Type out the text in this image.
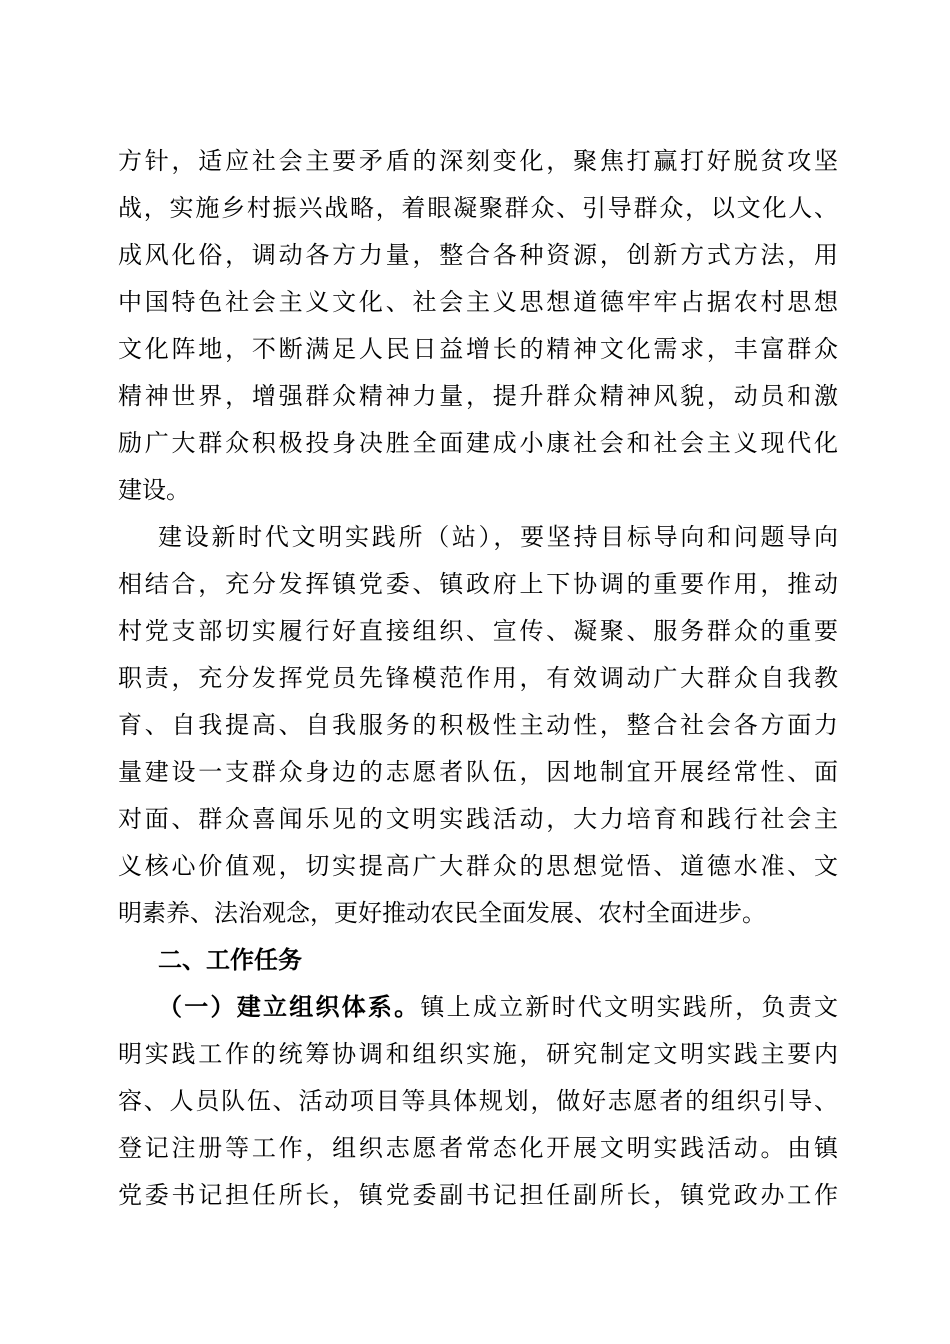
方针，适应社会主要矛盾的深刻变化，聚焦打赢打好脱贫攻坚
战，实施乡村振兴战略，着眼凝聚群众、引导群众，以文化人、
成风化俗，调动各方力量，整合各种资源，创新方式方法，用
中国特色社会主义文化、社会主义思想道德牢牢占据农村思想
文化阵地，不断满足人民日益增长的精神文化需求，丰富群众
精神世界，增强群众精神力量，提升群众精神风貌，动员和激
励广大群众积极投身决胜全面建成小康社会和社会主义现代化
建设。
建设新时代文明实践所（站），要坚持目标导向和问题导向
相结合，充分发挥镇党委、镇政府上下协调的重要作用，推动
村党支部切实履行好直接组织、宣传、凝聚、服务群众的重要
职责，充分发挥党员先锋模范作用，有效调动广大群众自我教
育、自我提高、自我服务的积极性主动性，整合社会各方面力
量建设一支群众身边的志愿者队伍，因地制宜开展经常性、面
对面、群众喜闻乐见的文明实践活动，大力培育和践行社会主
义核心价值观，切实提高广大群众的思想觉悟、道德水准、文
明素养、法治观念，更好推动农民全面发展、农村全面进步。
二、工作任务
（一）建立组织体系。镇上成立新时代文明实践所，负责文
明实践工作的统筹协调和组织实施，研究制定文明实践主要内
容、人员队伍、活动项目等具体规划，做好志愿者的组织引导、
登记注册等工作，组织志愿者常态化开展文明实践活动。由镇
党委书记担任所长，镇党委副书记担任副所长，镇党政办工作
